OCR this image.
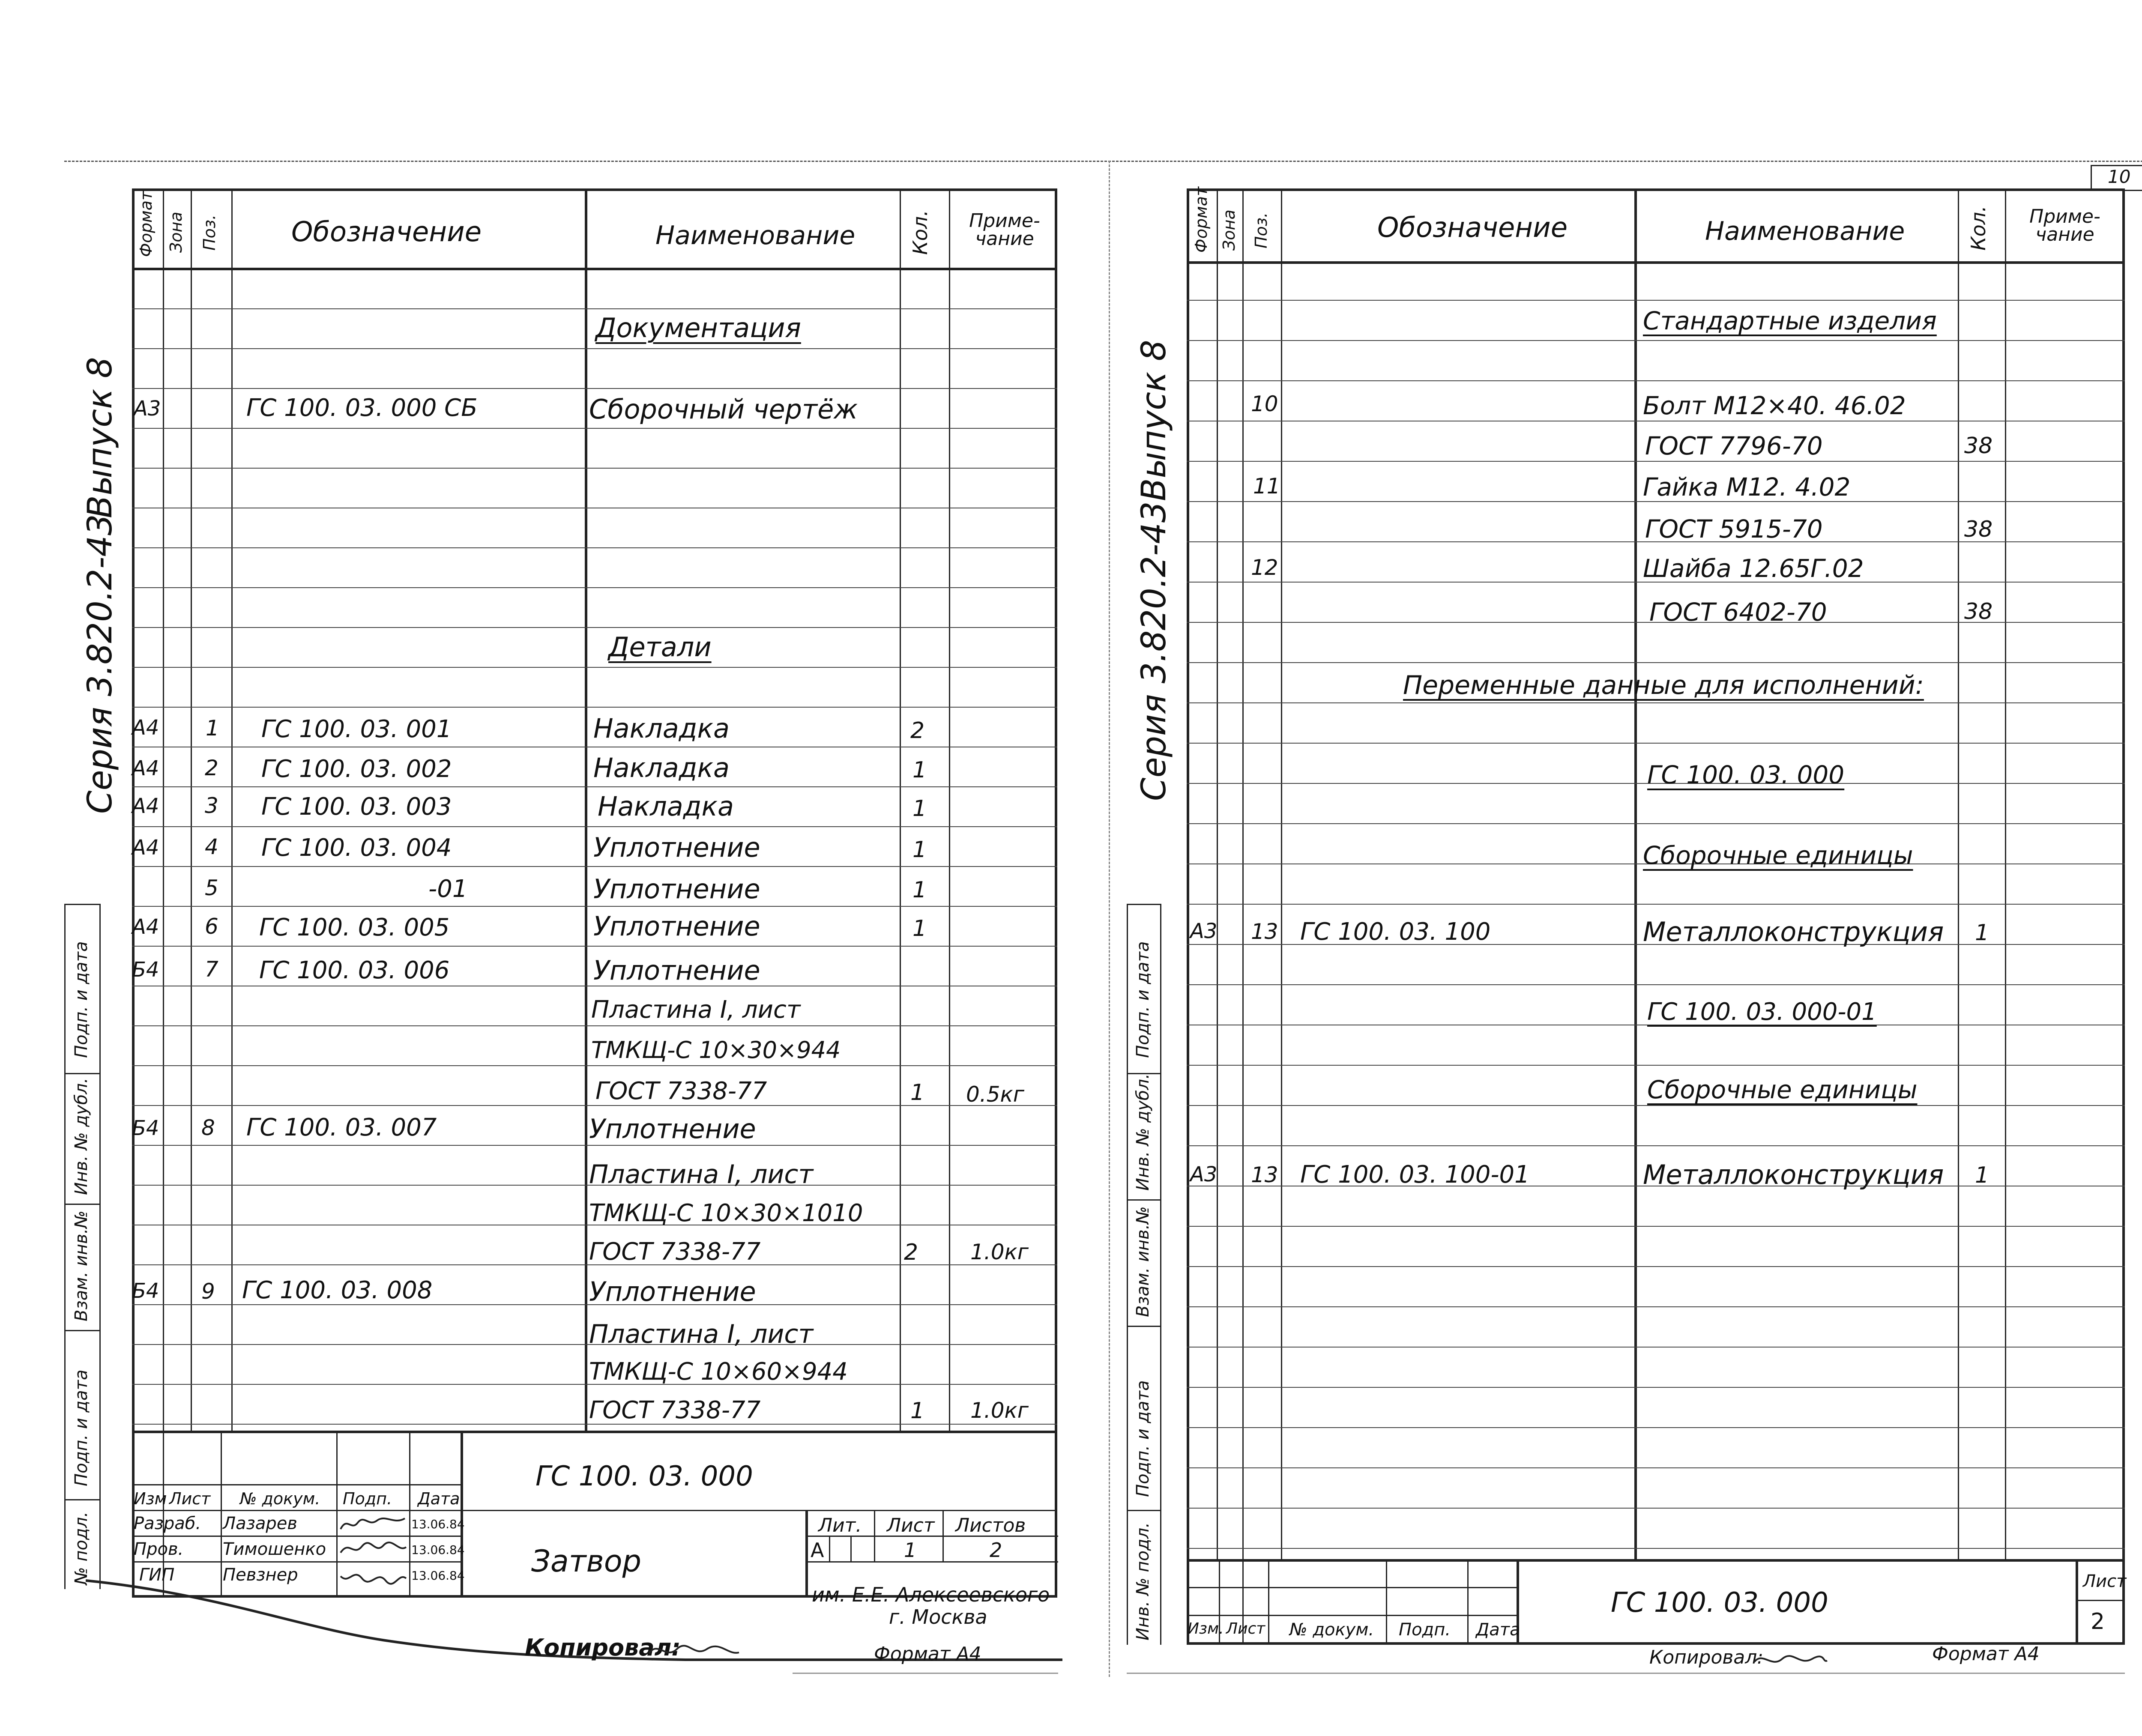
10
Серия 3.820.2-43
Выпуск 8
Подп. и дата
Инв. № дубл.
Взам. инв.№
Подп. и дата
№ подл.
Формат Зона Поз.	Обозначение	Наименование	Кол.	Приме- чание
Документация
А3	ГС 100. 03. 000 СБ	Сборочный чертёж
Детали
А4 1 ГС 100. 03. 001	Накладка	2
А4 2 ГС 100. 03. 002	Накладка	1
А4 3 ГС 100. 03. 003	Накладка	1
А4 4 ГС 100. 03. 004	Уплотнение	1
5	-01	Уплотнение	1
А4 6 ГС 100. 03. 005	Уплотнение	1
Б4 7 ГС 100. 03. 006	Уплотнение
Пластина I, лист
ТМКЩ-С 10×30×944
ГОСТ 7338-77	1 0.5кг
Б4 8 ГС 100. 03. 007	Уплотнение
Пластина I, лист
ТМКЩ-С 10×30×1010
ГОСТ 7338-77	2 1.0кг
Б4 9 ГС 100. 03. 008	Уплотнение
Пластина I, лист
ТМКЩ-С 10×60×944
ГОСТ 7338-77	1 1.0кг
ГС 100. 03. 000
Затвор
Изм Лист № докум. Подп. Дата
Разраб. Лазарев	13.06.84
Пров. Тимошенко	13.06.84
ГИП	Певзнер	13.06.84
Лит. Лист Листов
А	1	2
им. Е.Е. Алексеевского
г. Москва
Копировал:	Формат А4
Серия 3.820.2-43
Выпуск 8
Подп. и дата
Инв. № дубл.
Взам. инв.№
Подп. и дата
Инв. № подл.
Формат Зона Поз.	Обозначение	Наименование	Кол.	Приме- чание
Стандартные изделия
10	Болт М12×40. 46.02
ГОСТ 7796-70	38
11	Гайка М12. 4.02
ГОСТ 5915-70	38
12	Шайба 12.65Г.02
ГОСТ 6402-70	38
Переменные данные для исполнений:
ГС 100. 03. 000
Сборочные единицы
А3 13 ГС 100. 03. 100	Металлоконструкция 1
ГС 100. 03. 000-01
Сборочные единицы
А3 13 ГС 100. 03. 100-01	Металлоконструкция 1
Изм. Лист № докум. Подп. Дата
ГС 100. 03. 000
Лист
2
Копировал:	Формат А4
